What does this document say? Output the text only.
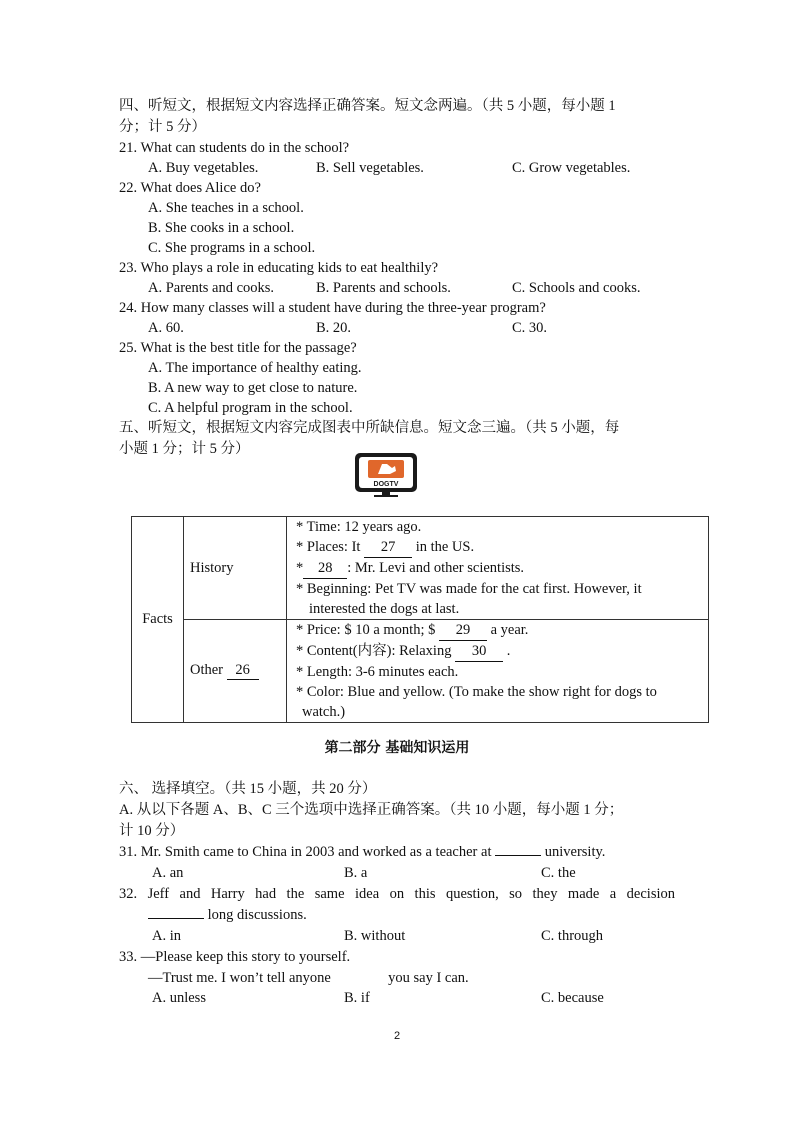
四、听短文，根据短文内容选择正确答案。短文念两遍。（共 5 小题，每小题 1
分；计 5 分）
21. What can students do in the school?
A. Buy vegetables.	B. Sell vegetables.	C. Grow vegetables.
22. What does Alice do?
A. She teaches in a school.
B. She cooks in a school.
C. She programs in a school.
23. Who plays a role in educating kids to eat healthily?
A. Parents and cooks.	B. Parents and schools.	C. Schools and cooks.
24. How many classes will a student have during the three-year program?
A. 60.	B. 20.	C. 30.
25. What is the best title for the passage?
A. The importance of healthy eating.
B. A new way to get close to nature.
C. A helpful program in the school.
五、听短文，根据短文内容完成图表中所缺信息。短文念三遍。（共 5 小题，每
小题 1 分；计 5 分）
DOGTV
Facts	History	* Time: 12 years ago.
* Places: It 27 in the US.
* 28 : Mr. Levi and other scientists.
* Beginning: Pet TV was made for the cat first. However, it
interested the dogs at last.

	Other 26	* Price: $ 10 a month; $ 29 a year.
* Content(内容): Relaxing 30 .
* Length: 3-6 minutes each.
* Color: Blue and yellow. (To make the show right for dogs to
watch.)
第二部分 基础知识运用
六、 选择填空。（共 15 小题，共 20 分）
A. 从以下各题 A、B、C 三个选项中选择正确答案。（共 10 小题，每小题 1 分；
计 10 分）
31. Mr. Smith came to China in 2003 and worked as a teacher at	university.
A. an	B. a	C. the
32. Jeff and Harry had the same idea on this question, so they made a decision
long discussions.
A. in	B. without	C. through
33. —Please keep this story to yourself.
—Trust me. I won’t tell anyone	you say I can.
A. unless	B. if	C. because
2
